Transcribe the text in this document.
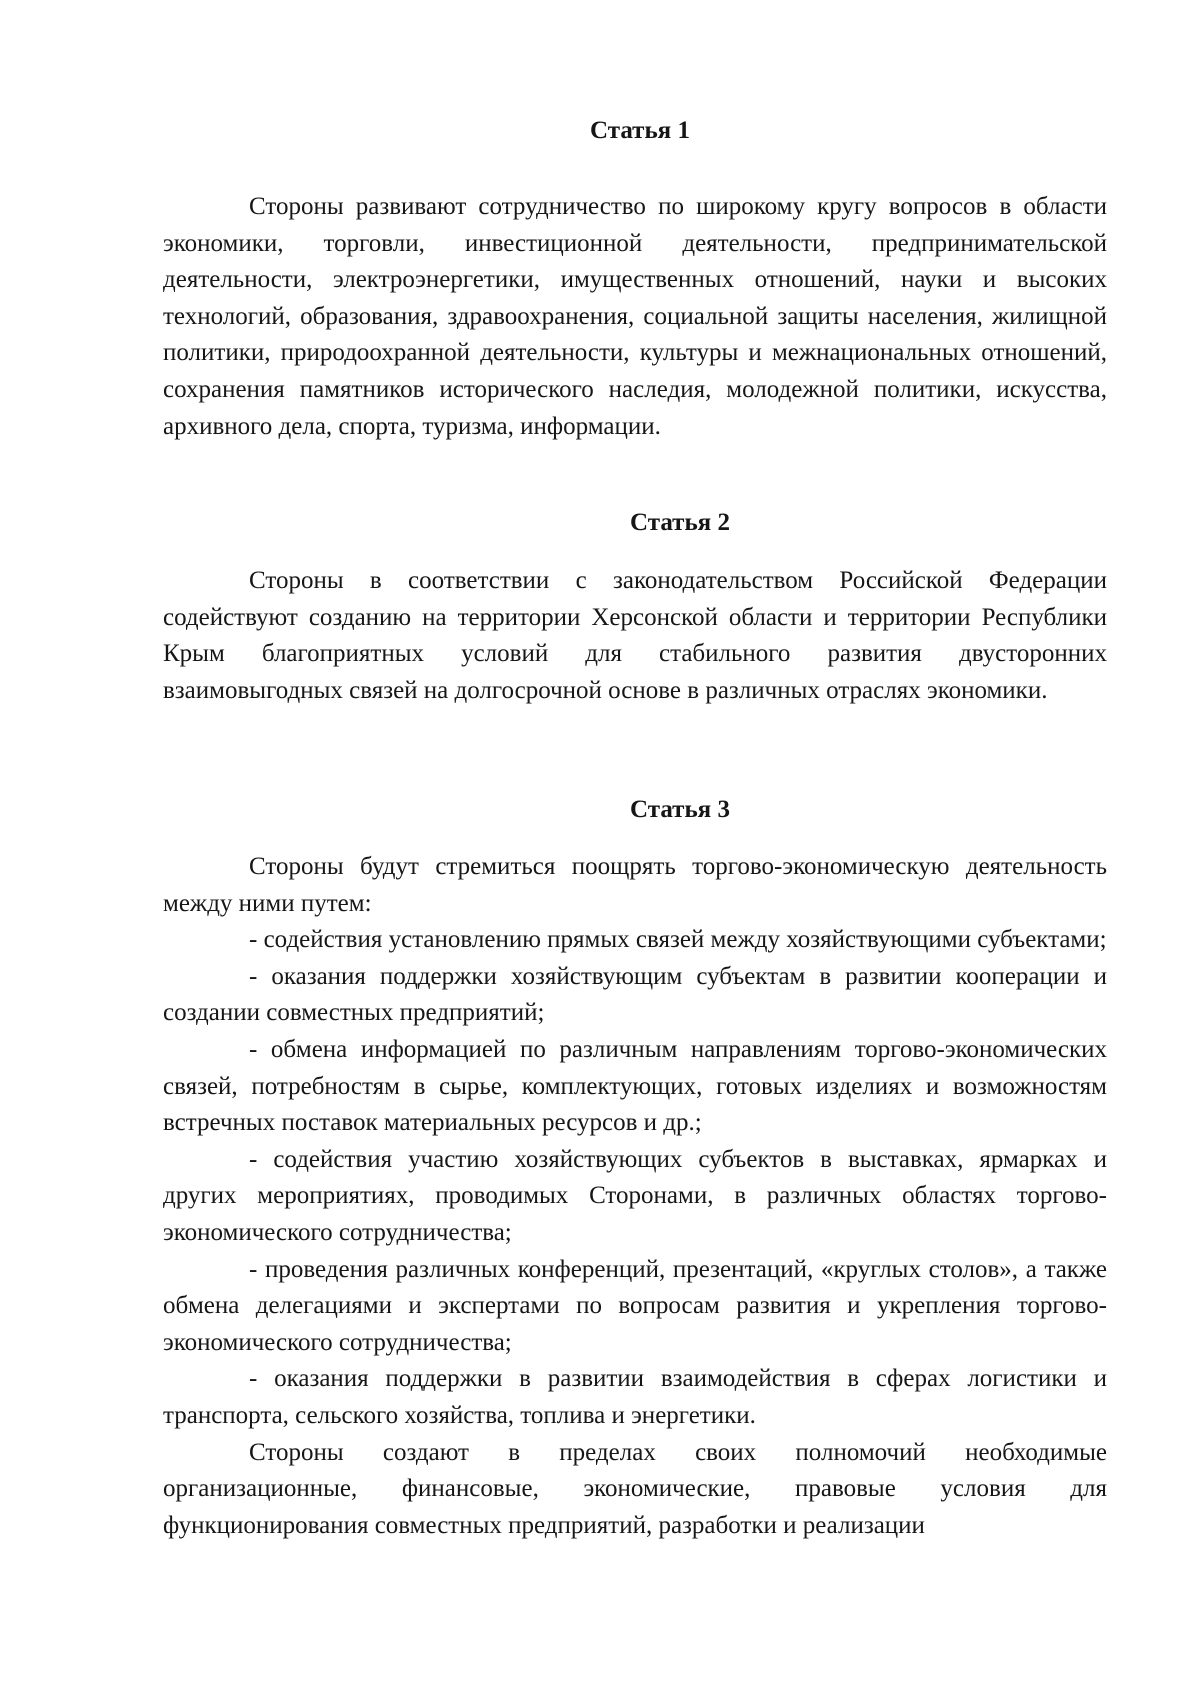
Статья 1

Стороны развивают сотрудничество по широкому кругу вопросов в области экономики, торговли, инвестиционной деятельности, предпринимательской деятельности, электроэнергетики, имущественных отношений, науки и высоких технологий, образования, здравоохранения, социальной защиты населения, жилищной политики, природоохранной деятельности, культуры и межнациональных отношений, сохранения памятников исторического наследия, молодежной политики, искусства, архивного дела, спорта, туризма, информации.

Статья 2

Стороны в соответствии с законодательством Российской Федерации содействуют созданию на территории Херсонской области и территории Республики Крым благоприятных условий для стабильного развития двусторонних взаимовыгодных связей на долгосрочной основе в различных отраслях экономики.

Статья 3

Стороны будут стремиться поощрять торгово-экономическую деятельность между ними путем:

- содействия установлению прямых связей между хозяйствующими субъектами;

- оказания поддержки хозяйствующим субъектам в развитии кооперации и создании совместных предприятий;

- обмена информацией по различным направлениям торгово-экономических связей, потребностям в сырье, комплектующих, готовых изделиях и возможностям встречных поставок материальных ресурсов и др.;

- содействия участию хозяйствующих субъектов в выставках, ярмарках и других мероприятиях, проводимых Сторонами, в различных областях торгово-экономического сотрудничества;

- проведения различных конференций, презентаций, «круглых столов», а также обмена делегациями и экспертами по вопросам развития и укрепления торгово-экономического сотрудничества;

- оказания поддержки в развитии взаимодействия в сферах логистики и транспорта, сельского хозяйства, топлива и энергетики.

Стороны создают в пределах своих полномочий необходимые организационные, финансовые, экономические, правовые условия для функционирования совместных предприятий, разработки и реализации
